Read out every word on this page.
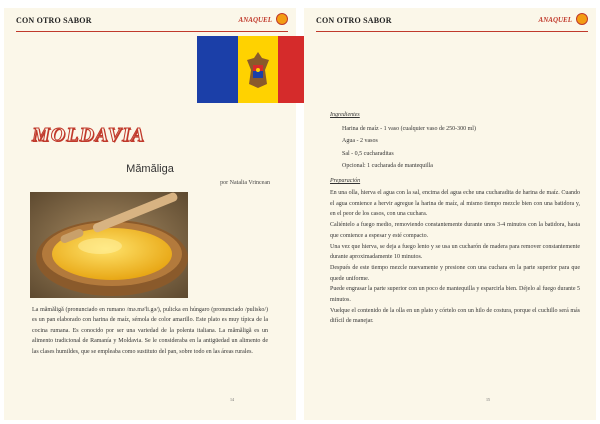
CON OTRO SABOR	ANAQUEL
MOLDAVIA
Mămăliga
por Natalia Vrincean
La mămăligă (pronunciado en rumano /mə.mə'li.gə/), pulicka en húngaro (pronunciado /pulisko/) es un pan elaborado con harina de maíz, sémola de color amarillo. Este plato es muy típica de la cocina rumana. Es conocido por ser una variedad de la polenta italiana. La mămăligă es un alimento tradicional de Ramanía y Moldavia. Se le consideraba en la antigüedad un alimento de las clases humildes, que se empleaba como sustituto del pan, sobre todo en las áreas rurales.
14
CON OTRO SABOR	ANAQUEL
Ingredientes
Harina de maíz - 1 vaso (cualquier vaso de 250-300 ml)
Agua - 2 vasos
Sal - 0,5 cucharaditas
Opcional: 1 cucharada de mantequilla
Preparación
En una olla, hierva el agua con la sal, encima del agua eche una cucharadita de harina de maíz. Cuando el agua comience a hervir agregue la harina de maíz, al mismo tiempo mezcle bien con una batidora y, en el peor de los casos, con una cuchara.
Caliéntelo a fuego medio, removiendo constantemente durante unos 3-4 minutos con la batidora, hasta que comience a espesar y esté compacto.
Una vez que hierva, se deja a fuego lento y se usa un cucharón de madera para remover constantemente durante aproximadamente 10 minutos.
Después de este tiempo mezcle nuevamente y presione con una cuchara en la parte superior para que quede uniforme.
Puede engrasar la parte superior con un poco de mantequilla y esparcirla bien. Déjelo al fuego durante 5 minutos.
Vuelque el contenido de la olla en un plato y córtelo con un hilo de costura, porque el cuchillo será más difícil de manejar.
15
